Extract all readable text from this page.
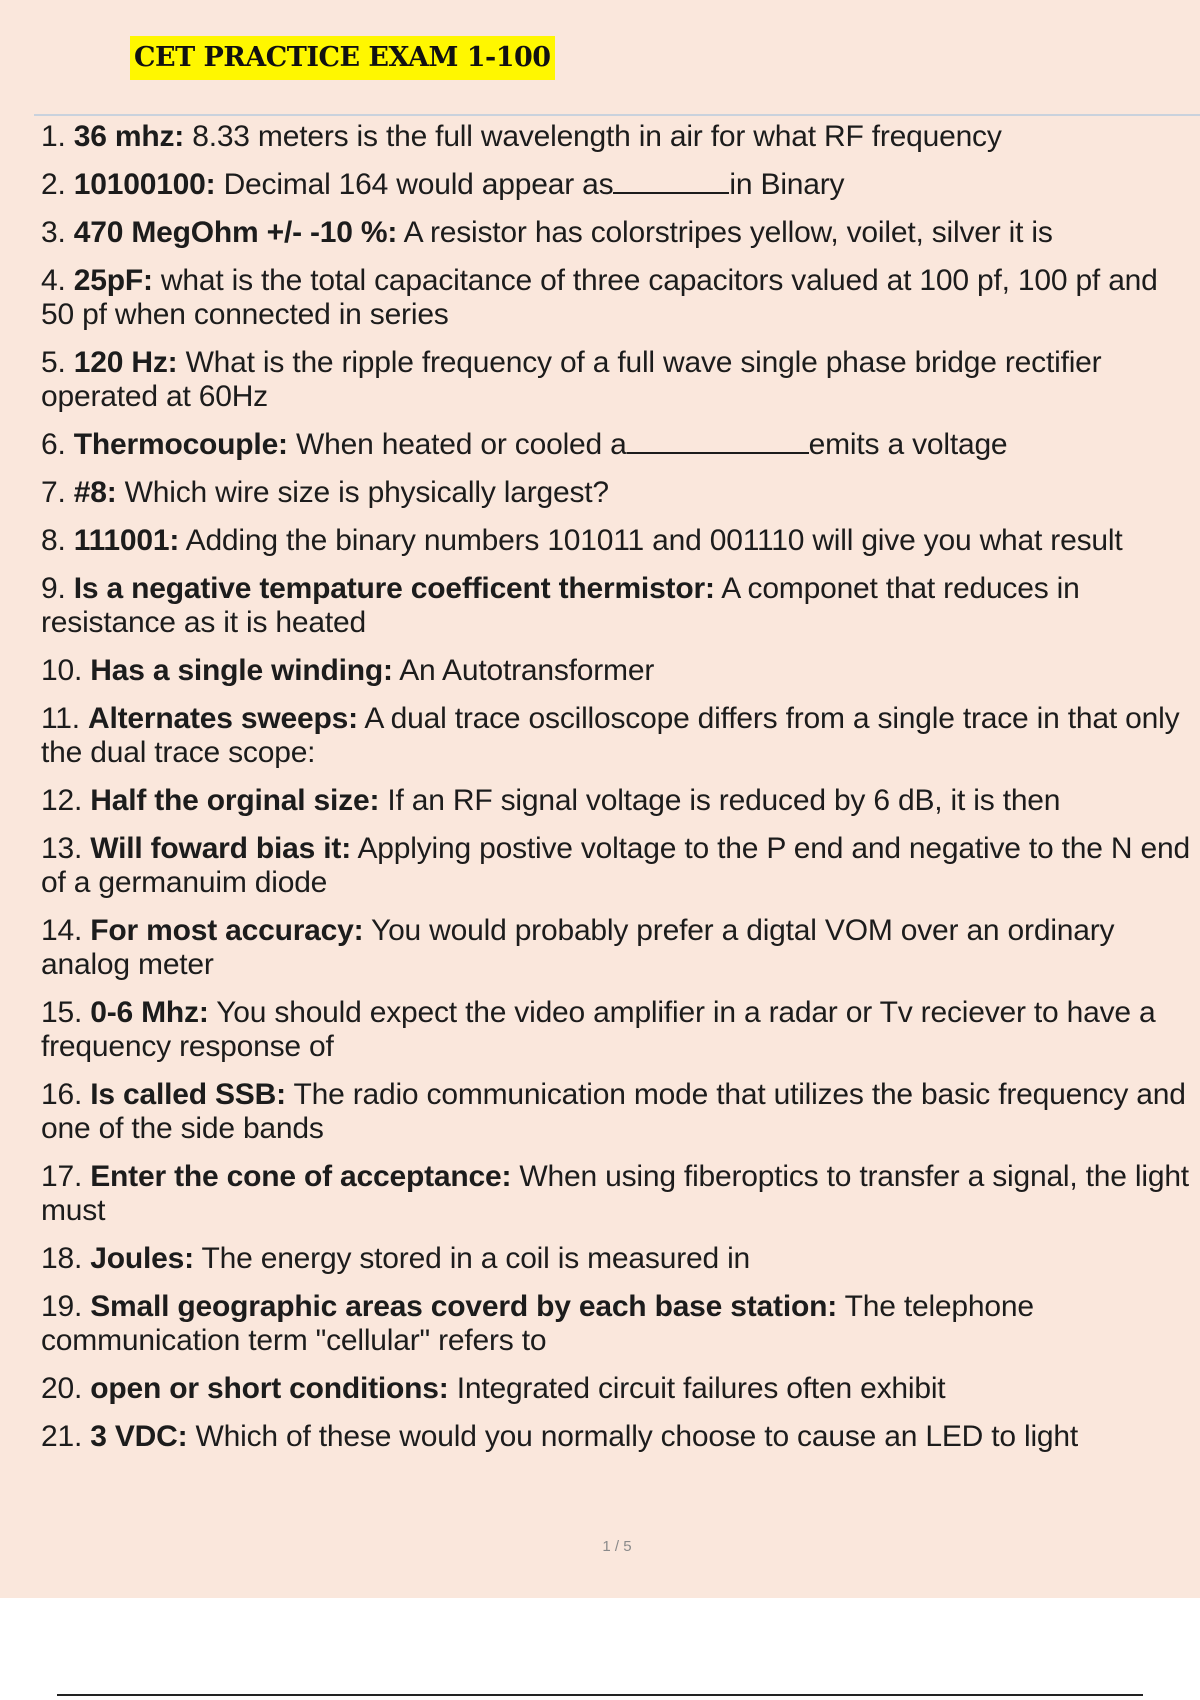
CET PRACTICE EXAM 1-100
1. 36 mhz: 8.33 meters is the full wavelength in air for what RF frequency
2. 10100100: Decimal 164 would appear as	in Binary
3. 470 MegOhm +/- -10 %: A resistor has colorstripes yellow, voilet, silver it is
4. 25pF: what is the total capacitance of three capacitors valued at 100 pf, 100 pf and 50 pf when connected in series
5. 120 Hz: What is the ripple frequency of a full wave single phase bridge rectifier operated at 60Hz
6. Thermocouple: When heated or cooled a	emits a voltage
7. #8: Which wire size is physically largest?
8. 111001: Adding the binary numbers 101011 and 001110 will give you what result
9. Is a negative tempature coefficent thermistor: A componet that reduces in resistance as it is heated
10. Has a single winding: An Autotransformer
11. Alternates sweeps: A dual trace oscilloscope differs from a single trace in that only the dual trace scope:
12. Half the orginal size: If an RF signal voltage is reduced by 6 dB, it is then
13. Will foward bias it: Applying postive voltage to the P end and negative to the N end of a germanuim diode
14. For most accuracy: You would probably prefer a digtal VOM over an ordinary analog meter
15. 0-6 Mhz: You should expect the video amplifier in a radar or Tv reciever to have a frequency response of
16. Is called SSB: The radio communication mode that utilizes the basic frequency and one of the side bands
17. Enter the cone of acceptance: When using fiberoptics to transfer a signal, the light must
18. Joules: The energy stored in a coil is measured in
19. Small geographic areas coverd by each base station: The telephone communication term "cellular" refers to
20. open or short conditions: Integrated circuit failures often exhibit
21. 3 VDC: Which of these would you normally choose to cause an LED to light
1 / 5
